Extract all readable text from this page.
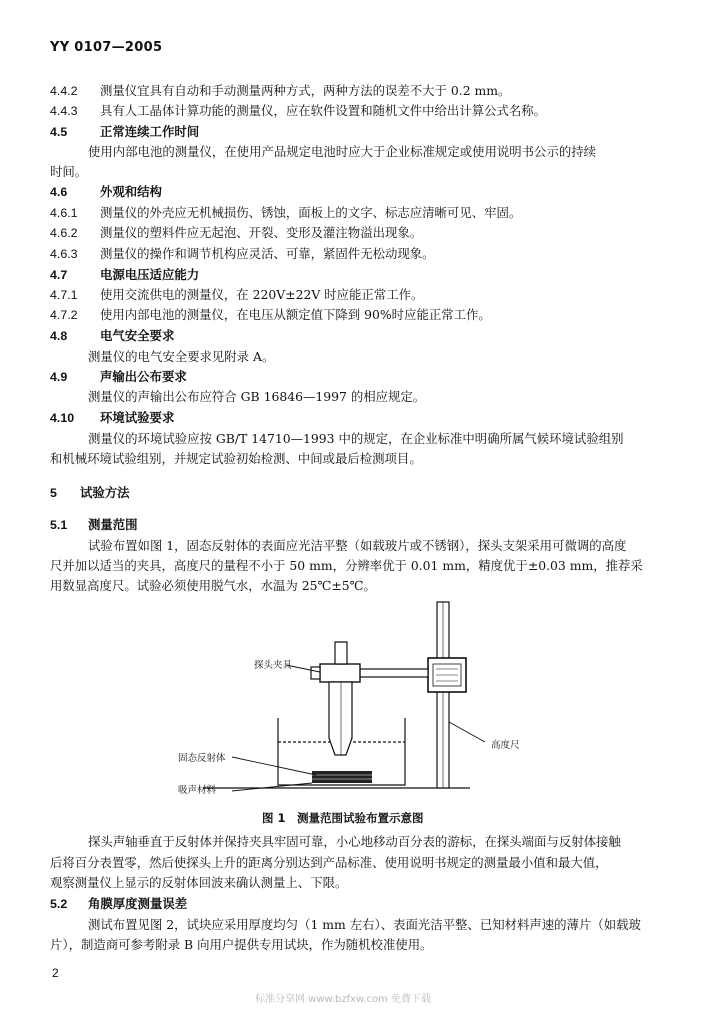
YY 0107—2005
4.4.2 测量仪宜具有自动和手动测量两种方式，两种方法的误差不大于 0.2 mm。
4.4.3 具有人工晶体计算功能的测量仪，应在软件设置和随机文件中给出计算公式名称。
4.5	正常连续工作时间
使用内部电池的测量仪，在使用产品规定电池时应大于企业标准规定或使用说明书公示的持续
时间。
4.6	外观和结构
4.6.1 测量仪的外壳应无机械损伤、锈蚀，面板上的文字、标志应清晰可见、牢固。
4.6.2 测量仪的塑料件应无起泡、开裂、变形及灌注物溢出现象。
4.6.3 测量仪的操作和调节机构应灵活、可靠，紧固件无松动现象。
4.7	电源电压适应能力
4.7.1 使用交流供电的测量仪，在 220V±22V 时应能正常工作。
4.7.2 使用内部电池的测量仪，在电压从额定值下降到 90%时应能正常工作。
4.8	电气安全要求
测量仪的电气安全要求见附录 A。
4.9	声输出公布要求
测量仪的声输出公布应符合 GB 16846—1997 的相应规定。
4.10 环境试验要求
测量仪的环境试验应按 GB/T 14710—1993 中的规定，在企业标准中明确所属气候环境试验组别
和机械环境试验组别，并规定试验初始检测、中间或最后检测项目。
5 试验方法
5.1 测量范围
试验布置如图 1，固态反射体的表面应光洁平整（如载玻片或不锈钢），探头支架采用可微调的高度
尺并加以适当的夹具，高度尺的量程不小于 50 mm，分辨率优于 0.01 mm，精度优于±0.03 mm，推荐采
用数显高度尺。试验必须使用脱气水，水温为 25℃±5℃。
探头夹具
固态反射体
吸声材料
高度尺
图 1　测量范围试验布置示意图
探头声轴垂直于反射体并保持夹具牢固可靠，小心地移动百分表的游标，在探头端面与反射体接触
后将百分表置零，然后使探头上升的距离分别达到产品标准、使用说明书规定的测量最小值和最大值，
观察测量仪上显示的反射体回波来确认测量上、下限。
5.2 角膜厚度测量误差
测试布置见图 2，试块应采用厚度均匀（1 mm 左右）、表面光洁平整、已知材料声速的薄片（如载玻
片），制造商可参考附录 B 向用户提供专用试块，作为随机校准使用。
2
标准分享网 www.bzfxw.com 免费下载
